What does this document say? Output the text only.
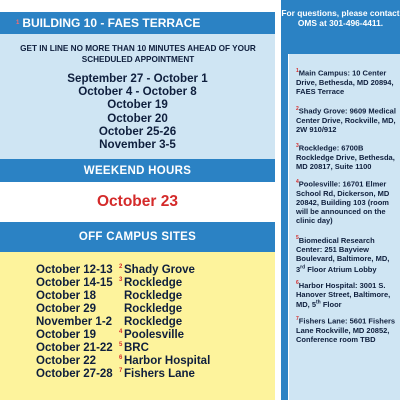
1 BUILDING 10 - FAES TERRACE
GET IN LINE NO MORE THAN 10 MINUTES AHEAD OF YOUR SCHEDULED APPOINTMENT
September 27 - October 1
October 4 - October 8
October 19
October 20
October 25-26
November 3-5
WEEKEND HOURS
October 23
OFF CAMPUS SITES
October 12-13 2 Shady Grove
October 14-15 3 Rockledge
October 18 Rockledge
October 29 Rockledge
November 1-2 Rockledge
October 19	4 Poolesville
October 21-22 5 BRC
October 22	6 Harbor Hospital
October 27-28 7 Fishers Lane
For questions, please contact OMS at 301-496-4411.
$^1$Main Campus: 10 Center Drive, Bethesda, MD 20894, FAES Terrace
$^2$Shady Grove: 9609 Medical Center Drive, Rockville, MD, 2W 910/912
$^3$Rockledge: 6700B Rockledge Drive, Bethesda, MD 20817, Suite 1100
$^4$Poolesville: 16701 Elmer School Rd, Dickerson, MD 20842, Building 103 (room will be announced on the clinic day)
$^5$Biomedical Research Center: 251 Bayview Boulevard, Baltimore, MD, 3rd Floor Atrium Lobby
$^6$Harbor Hospital: 3001 S. Hanover Street, Baltimore, MD, 5th Floor
$^7$Fishers Lane: 5601 Fishers Lane Rockville, MD 20852, Conference room TBD
